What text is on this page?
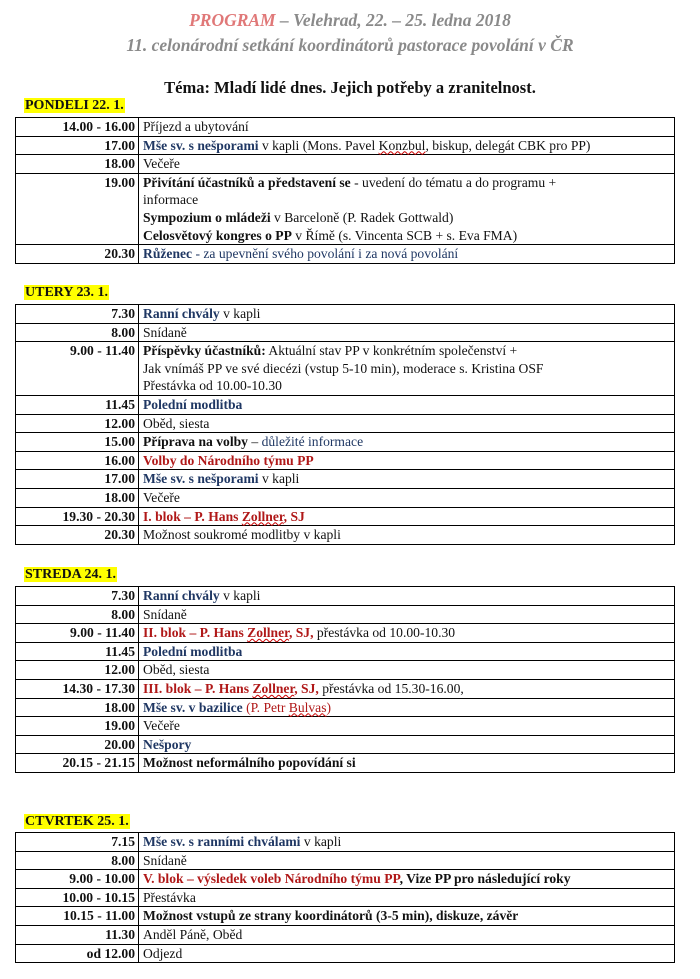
PROGRAM – Velehrad, 22. – 25. ledna 2018
11. celonárodní setkání koordinátorů pastorace povolání v ČR
Téma: Mladí lidé dnes. Jejich potřeby a zranitelnost.
PONDELI 22. 1.
14.00 - 16.00	Příjezd a ubytování
17.00	Mše sv. s nešporami v kapli (Mons. Pavel Konzbul, biskup, delegát CBK pro PP)
18.00	Večeře
19.00	Přivítání účastníků a představení se - uvedení do tématu a do programu +
informace
Sympozium o mládeži v Barceloně (P. Radek Gottwald)
Celosvětový kongres o PP v Římě (s. Vincenta SCB + s. Eva FMA)
20.30	Růženec - za upevnění svého povolání i za nová povolání
UTERY 23. 1.
7.30	Ranní chvály v kapli
8.00	Snídaně
9.00 - 11.40	Příspěvky účastníků: Aktuální stav PP v konkrétním společenství +
Jak vnímáš PP ve své diecézi (vstup 5-10 min), moderace s. Kristina OSF
Přestávka od 10.00-10.30
11.45	Polední modlitba
12.00	Oběd, siesta
15.00	Příprava na volby – důležité informace
16.00	Volby do Národního týmu PP
17.00	Mše sv. s nešporami v kapli
18.00	Večeře
19.30 - 20.30	I. blok – P. Hans Zollner, SJ
20.30	Možnost soukromé modlitby v kapli
STREDA 24. 1.
7.30	Ranní chvály v kapli
8.00	Snídaně
9.00 - 11.40	II. blok – P. Hans Zollner, SJ, přestávka od 10.00-10.30
11.45	Polední modlitba
12.00	Oběd, siesta
14.30 - 17.30	III. blok – P. Hans Zollner, SJ, přestávka od 15.30-16.00,
18.00	Mše sv. v bazilice (P. Petr Bulvas)
19.00	Večeře
20.00	Nešpory
20.15 - 21.15	Možnost neformálního popovídání si
CTVRTEK 25. 1.
7.15	Mše sv. s ranními chválami v kapli
8.00	Snídaně
9.00 - 10.00	V. blok – výsledek voleb Národního týmu PP, Vize PP pro následující roky
10.00 - 10.15	Přestávka
10.15 - 11.00	Možnost vstupů ze strany koordinátorů (3-5 min), diskuze, závěr
11.30	Anděl Páně, Oběd
od 12.00	Odjezd
